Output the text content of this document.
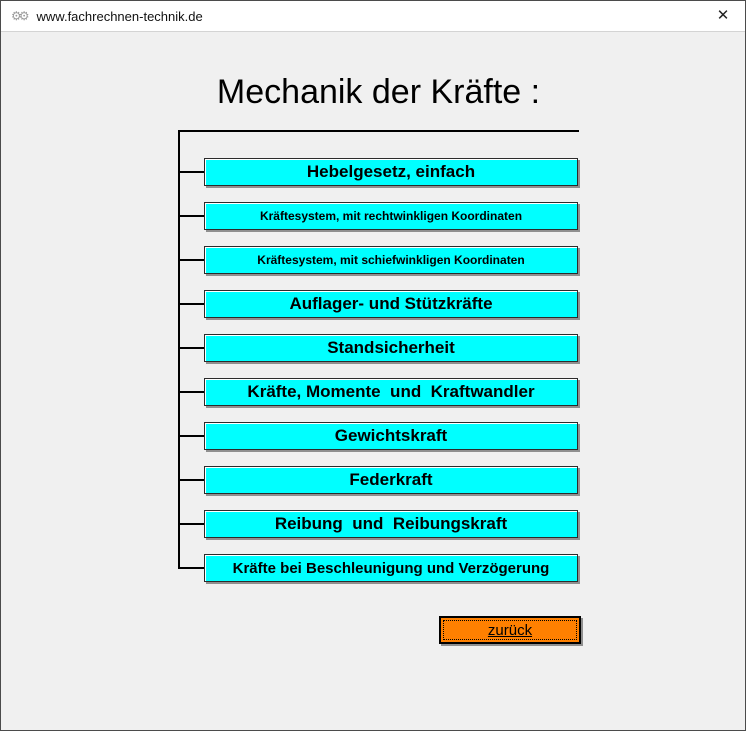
⚙⚙ www.fachrechnen-technik.de	✕
Mechanik der Kräfte :
Hebelgesetz, einfach
Kräftesystem, mit rechtwinkligen Koordinaten
Kräftesystem, mit schiefwinkligen Koordinaten
Auflager- und Stützkräfte
Standsicherheit
Kräfte, Momente  und  Kraftwandler
Gewichtskraft
Federkraft
Reibung  und  Reibungskraft
Kräfte bei Beschleunigung und Verzögerung
zurück
